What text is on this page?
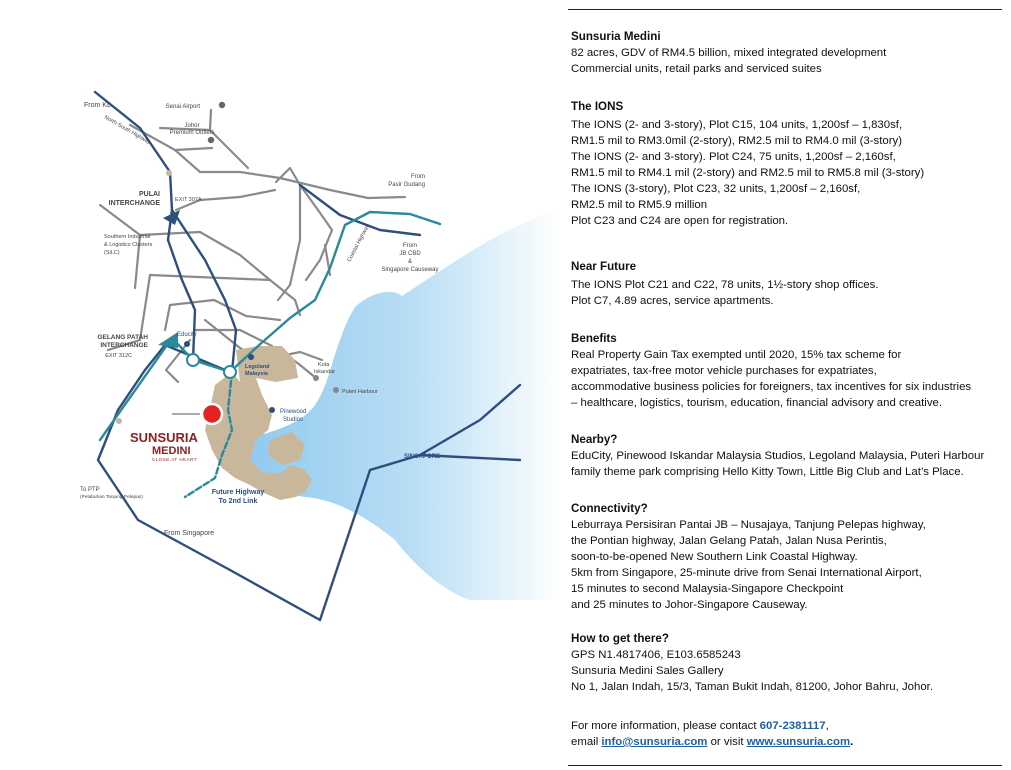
From KL
North-South Highway
Senai Airport
Johor
Premium Outlets
PULAI
INTERCHANGE	EXIT 307A
From
Pasir Gudang
Southern Industrial
& Logistics Clusters
(SiLC)	Coastal Highway	From
JB CBD
&
Singapore Causeway
GELANG PATAH
INTERCHANGE
EXIT 312C
Educity
Legoland
Malaysia
Kota
Iskandar
Puteri Harbour
Pinewood
Studios
SINGAPORE
To PTP
(Pelabuhan Tanjung Pelepas)
Future Highway
To 2nd Link
From Singapore
SUNSURIA
MEDINI
CLOSE AT HEART
Sunsuria Medini
82 acres, GDV of RM4.5 billion, mixed integrated development
Commercial units, retail parks and serviced suites
The IONS
The IONS (2- and 3-story), Plot C15, 104 units, 1,200sf – 1,830sf,
RM1.5 mil to RM3.0mil (2-story), RM2.5 mil to RM4.0 mil (3-story)
The IONS (2- and 3-story). Plot C24, 75 units, 1,200sf – 2,160sf,
RM1.5 mil to RM4.1 mil (2-story) and RM2.5 mil to RM5.8 mil (3-story)
The IONS (3-story), Plot C23, 32 units, 1,200sf – 2,160sf,
RM2.5 mil to RM5.9 million
Plot C23 and C24 are open for registration.
Near Future
The IONS Plot C21 and C22, 78 units, 1½-story shop offices.
Plot C7, 4.89 acres, service apartments.
Benefits
Real Property Gain Tax exempted until 2020, 15% tax scheme for
expatriates, tax-free motor vehicle purchases for expatriates,
accommodative business policies for foreigners, tax incentives for six industries
– healthcare, logistics, tourism, education, financial advisory and creative.
Nearby?
EduCity, Pinewood Iskandar Malaysia Studios, Legoland Malaysia, Puteri Harbour
family theme park comprising Hello Kitty Town, Little Big Club and Lat’s Place.
Connectivity?
Leburraya Persisiran Pantai JB – Nusajaya, Tanjung Pelepas highway,
the Pontian highway, Jalan Gelang Patah, Jalan Nusa Perintis,
soon-to-be-opened New Southern Link Coastal Highway.
5km from Singapore, 25-minute drive from Senai International Airport,
15 minutes to second Malaysia-Singapore Checkpoint
and 25 minutes to Johor-Singapore Causeway.
How to get there?
GPS N1.4817406, E103.6585243
Sunsuria Medini Sales Gallery
No 1, Jalan Indah, 15/3, Taman Bukit Indah, 81200, Johor Bahru, Johor.
For more information, please contact 607-2381117,
email info@sunsuria.com or visit www.sunsuria.com.
